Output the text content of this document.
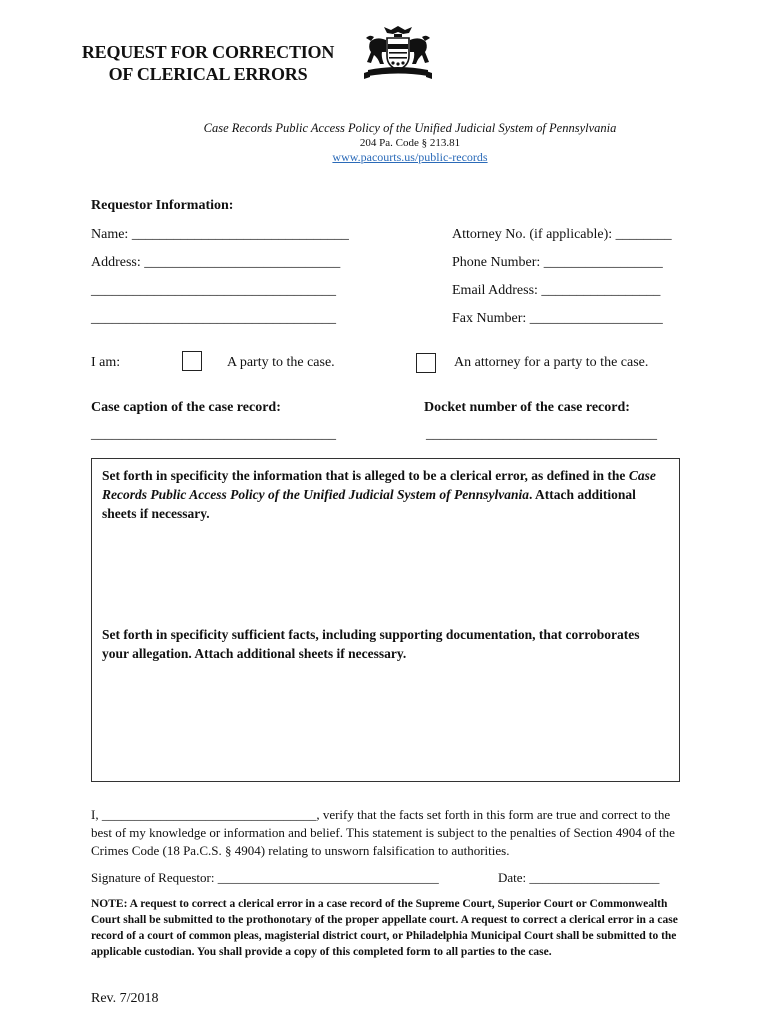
REQUEST FOR CORRECTION
OF CLERICAL ERRORS
Case Records Public Access Policy of the Unified Judicial System of Pennsylvania
204 Pa. Code § 213.81
www.pacourts.us/public-records
Requestor Information:
Name: _______________________________	Attorney No. (if applicable): ________
Address: ____________________________	Phone Number: _________________
___________________________________	Email Address: _________________
___________________________________	Fax Number: ___________________
I am:	A party to the case.	An attorney for a party to the case.
Case caption of the case record:	Docket number of the case record:
___________________________________	_________________________________
Set forth in specificity the information that is alleged to be a clerical error, as defined in the Case Records Public Access Policy of the Unified Judicial System of Pennsylvania. Attach additional sheets if necessary.
Set forth in specificity sufficient facts, including supporting documentation, that corroborates your allegation. Attach additional sheets if necessary.
I, _________________________________, verify that the facts set forth in this form are true and correct to the best of my knowledge or information and belief. This statement is subject to the penalties of Section 4904 of the Crimes Code (18 Pa.C.S. § 4904) relating to unsworn falsification to authorities.
Signature of Requestor: __________________________________	Date: ____________________
NOTE: A request to correct a clerical error in a case record of the Supreme Court, Superior Court or Commonwealth Court shall be submitted to the prothonotary of the proper appellate court. A request to correct a clerical error in a case record of a court of common pleas, magisterial district court, or Philadelphia Municipal Court shall be submitted to the applicable custodian. You shall provide a copy of this completed form to all parties to the case.
Rev. 7/2018
